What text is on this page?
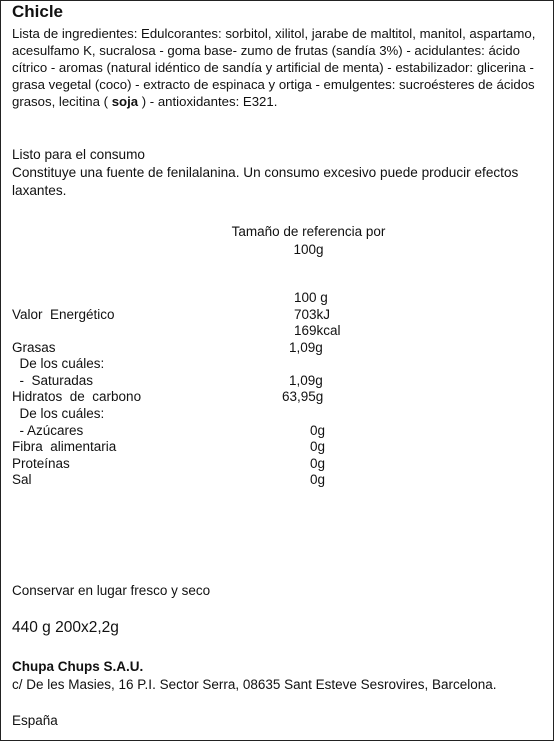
Chicle

Lista de ingredientes: Edulcorantes: sorbitol, xilitol, jarabe de maltitol, manitol, aspartamo, acesulfamo K, sucralosa - goma base- zumo de frutas (sandía 3%) - acidulantes: ácido cítrico - aromas (natural idéntico de sandía y artificial de menta) - estabilizador: glicerina - grasa vegetal (coco) - extracto de espinaca y ortiga - emulgentes: sucroésteres de ácidos grasos, lecitina ( soja ) - antioxidantes: E321.

Listo para el consumo
Constituye una fuente de fenilalanina. Un consumo excesivo puede producir efectos laxantes.
Tamaño de referencia por
100g
100 g
Valor  Energético	703kJ
169kcal
Grasas	1,09g
De los cuáles:
-  Saturadas	1,09g
Hidratos  de  carbono	63,95g
De los cuáles:
- Azúcares	0g
Fibra  alimentaria	0g
Proteínas	0g
Sal	0g
Conservar en lugar fresco y seco
440 g 200x2,2g
Chupa Chups S.A.U.
c/ De les Masies, 16 P.I. Sector Serra, 08635 Sant Esteve Sesrovires, Barcelona.
España
